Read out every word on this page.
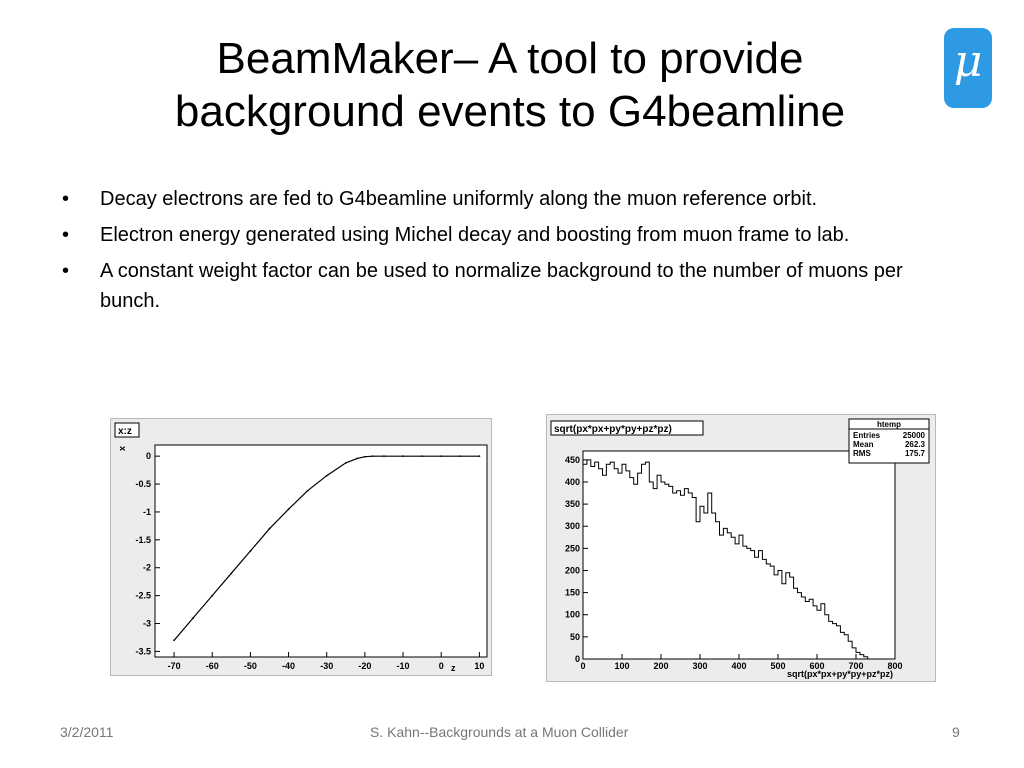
BeamMaker– A tool to provide
background events to G4beamline
μ
• Decay electrons are fed to G4beamline uniformly along the muon reference orbit.
• Electron energy generated using Michel decay and boosting from muon frame to lab.
• A constant weight factor can be used to normalize background to the number of muons per bunch.
x:z
x
z
-70	-60	-50	-40	-30	-20	-10	0	10
0
-0.5
-1
-1.5
-2
-2.5
-3
-3.5
sqrt(px*px+py*py+pz*pz)
sqrt(px*px+py*py+pz*pz)
0	100	200	300	400	500	600	700	800
0
50
100
150
200
250
300
350
400
450
htemp
Entries	25000
Mean	262.3
RMS	175.7
3/2/2011	S. Kahn--Backgrounds at a Muon Collider	9
